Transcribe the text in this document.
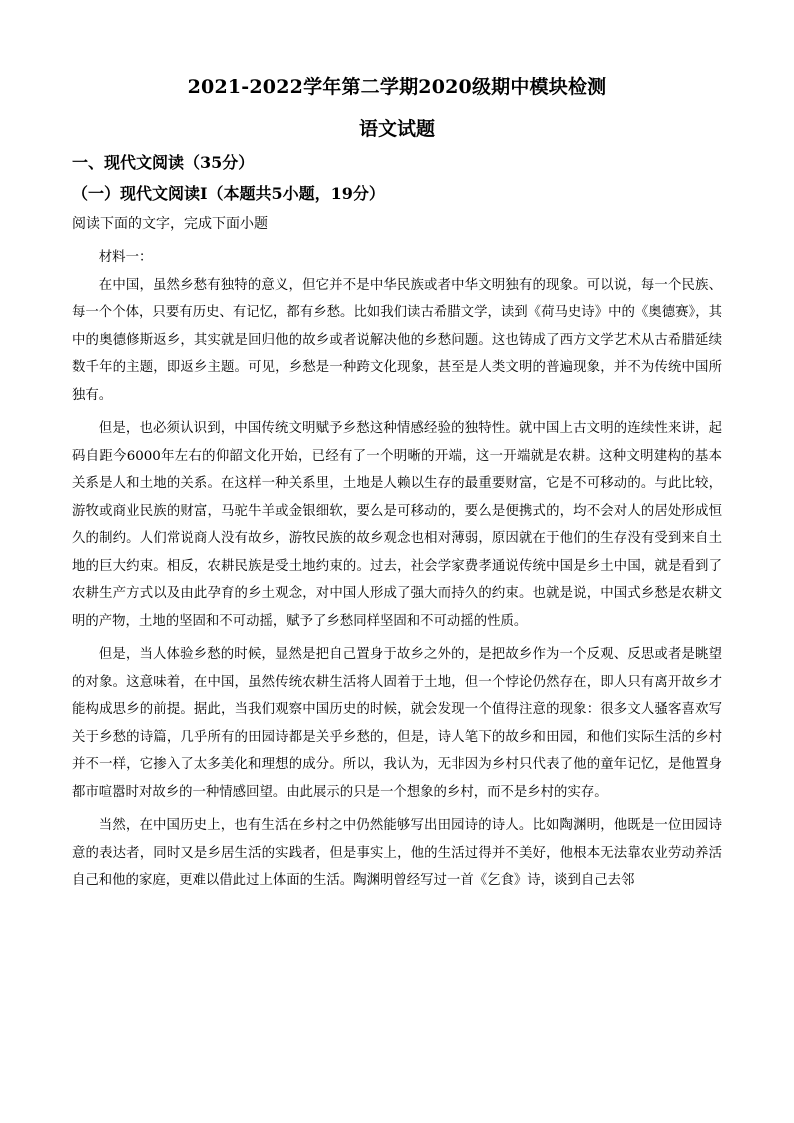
2021-2022学年第二学期2020级期中模块检测
语文试题
一、现代文阅读（35分）
（一）现代文阅读Ⅰ（本题共5小题，19分）
阅读下面的文字，完成下面小题

材料一：

在中国，虽然乡愁有独特的意义，但它并不是中华民族或者中华文明独有的现象。可以说，每一个民族、每一个个体，只要有历史、有记忆，都有乡愁。比如我们读古希腊文学，读到《荷马史诗》中的《奥德赛》，其中的奥德修斯返乡，其实就是回归他的故乡或者说解决他的乡愁问题。这也铸成了西方文学艺术从古希腊延续数千年的主题，即返乡主题。可见，乡愁是一种跨文化现象，甚至是人类文明的普遍现象，并不为传统中国所独有。

但是，也必须认识到，中国传统文明赋予乡愁这种情感经验的独特性。就中国上古文明的连续性来讲，起码自距今6000年左右的仰韶文化开始，已经有了一个明晰的开端，这一开端就是农耕。这种文明建构的基本关系是人和土地的关系。在这样一种关系里，土地是人赖以生存的最重要财富，它是不可移动的。与此比较，游牧或商业民族的财富，马驼牛羊或金银细软，要么是可移动的，要么是便携式的，均不会对人的居处形成恒久的制约。人们常说商人没有故乡，游牧民族的故乡观念也相对薄弱，原因就在于他们的生存没有受到来自土地的巨大约束。相反，农耕民族是受土地约束的。过去，社会学家费孝通说传统中国是乡土中国，就是看到了农耕生产方式以及由此孕育的乡土观念，对中国人形成了强大而持久的约束。也就是说，中国式乡愁是农耕文明的产物，土地的坚固和不可动摇，赋予了乡愁同样坚固和不可动摇的性质。

但是，当人体验乡愁的时候，显然是把自己置身于故乡之外的，是把故乡作为一个反观、反思或者是眺望的对象。这意味着，在中国，虽然传统农耕生活将人固着于土地，但一个悖论仍然存在，即人只有离开故乡才能构成思乡的前提。据此，当我们观察中国历史的时候，就会发现一个值得注意的现象：很多文人骚客喜欢写关于乡愁的诗篇，几乎所有的田园诗都是关乎乡愁的，但是，诗人笔下的故乡和田园，和他们实际生活的乡村并不一样，它掺入了太多美化和理想的成分。所以，我认为，无非因为乡村只代表了他的童年记忆，是他置身都市喧嚣时对故乡的一种情感回望。由此展示的只是一个想象的乡村，而不是乡村的实存。

当然，在中国历史上，也有生活在乡村之中仍然能够写出田园诗的诗人。比如陶渊明，他既是一位田园诗意的表达者，同时又是乡居生活的实践者，但是事实上，他的生活过得并不美好，他根本无法靠农业劳动养活自己和他的家庭，更难以借此过上体面的生活。陶渊明曾经写过一首《乞食》诗，谈到自己去邻
